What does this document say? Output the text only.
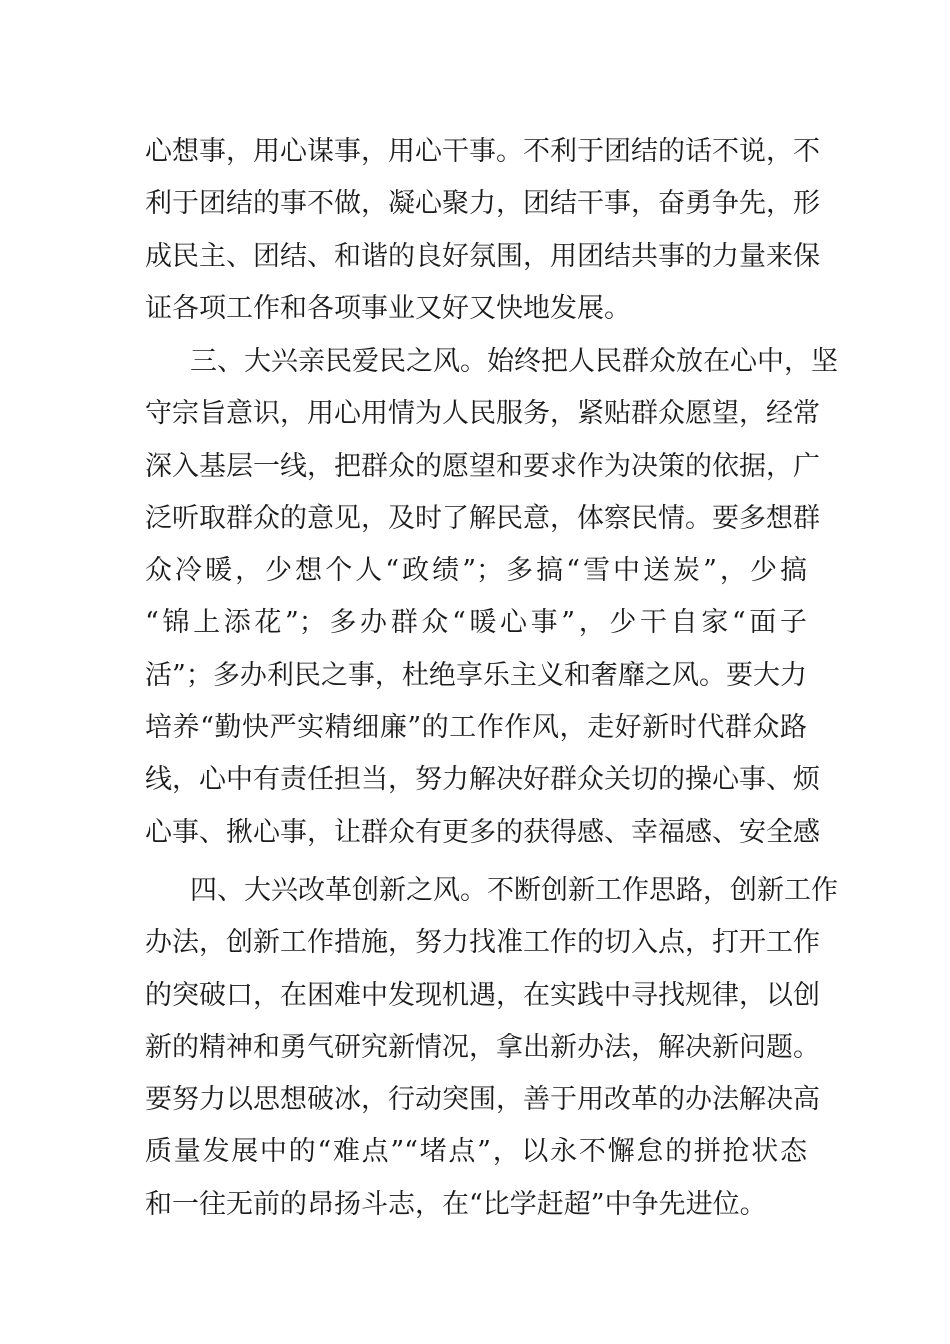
心想事，用心谋事，用心干事。不利于团结的话不说，不
利于团结的事不做，凝心聚力，团结干事，奋勇争先，形
成民主、团结、和谐的良好氛围，用团结共事的力量来保
证各项工作和各项事业又好又快地发展。
三、大兴亲民爱民之风。始终把人民群众放在心中，坚
守宗旨意识，用心用情为人民服务，紧贴群众愿望，经常
深入基层一线，把群众的愿望和要求作为决策的依据，广
泛听取群众的意见，及时了解民意，体察民情。要多想群
众冷暖，少想个人“政绩”；多搞“雪中送炭”，少搞
“锦上添花”；多办群众“暖心事”，少干自家“面子
活”；多办利民之事，杜绝享乐主义和奢靡之风。要大力
培养“勤快严实精细廉”的工作作风，走好新时代群众路
线，心中有责任担当，努力解决好群众关切的操心事、烦
心事、揪心事，让群众有更多的获得感、幸福感、安全感
四、大兴改革创新之风。不断创新工作思路，创新工作
办法，创新工作措施，努力找准工作的切入点，打开工作
的突破口，在困难中发现机遇，在实践中寻找规律，以创
新的精神和勇气研究新情况，拿出新办法，解决新问题。
要努力以思想破冰，行动突围，善于用改革的办法解决高
质量发展中的“难点”“堵点”，以永不懈怠的拼抢状态
和一往无前的昂扬斗志，在“比学赶超”中争先进位。
